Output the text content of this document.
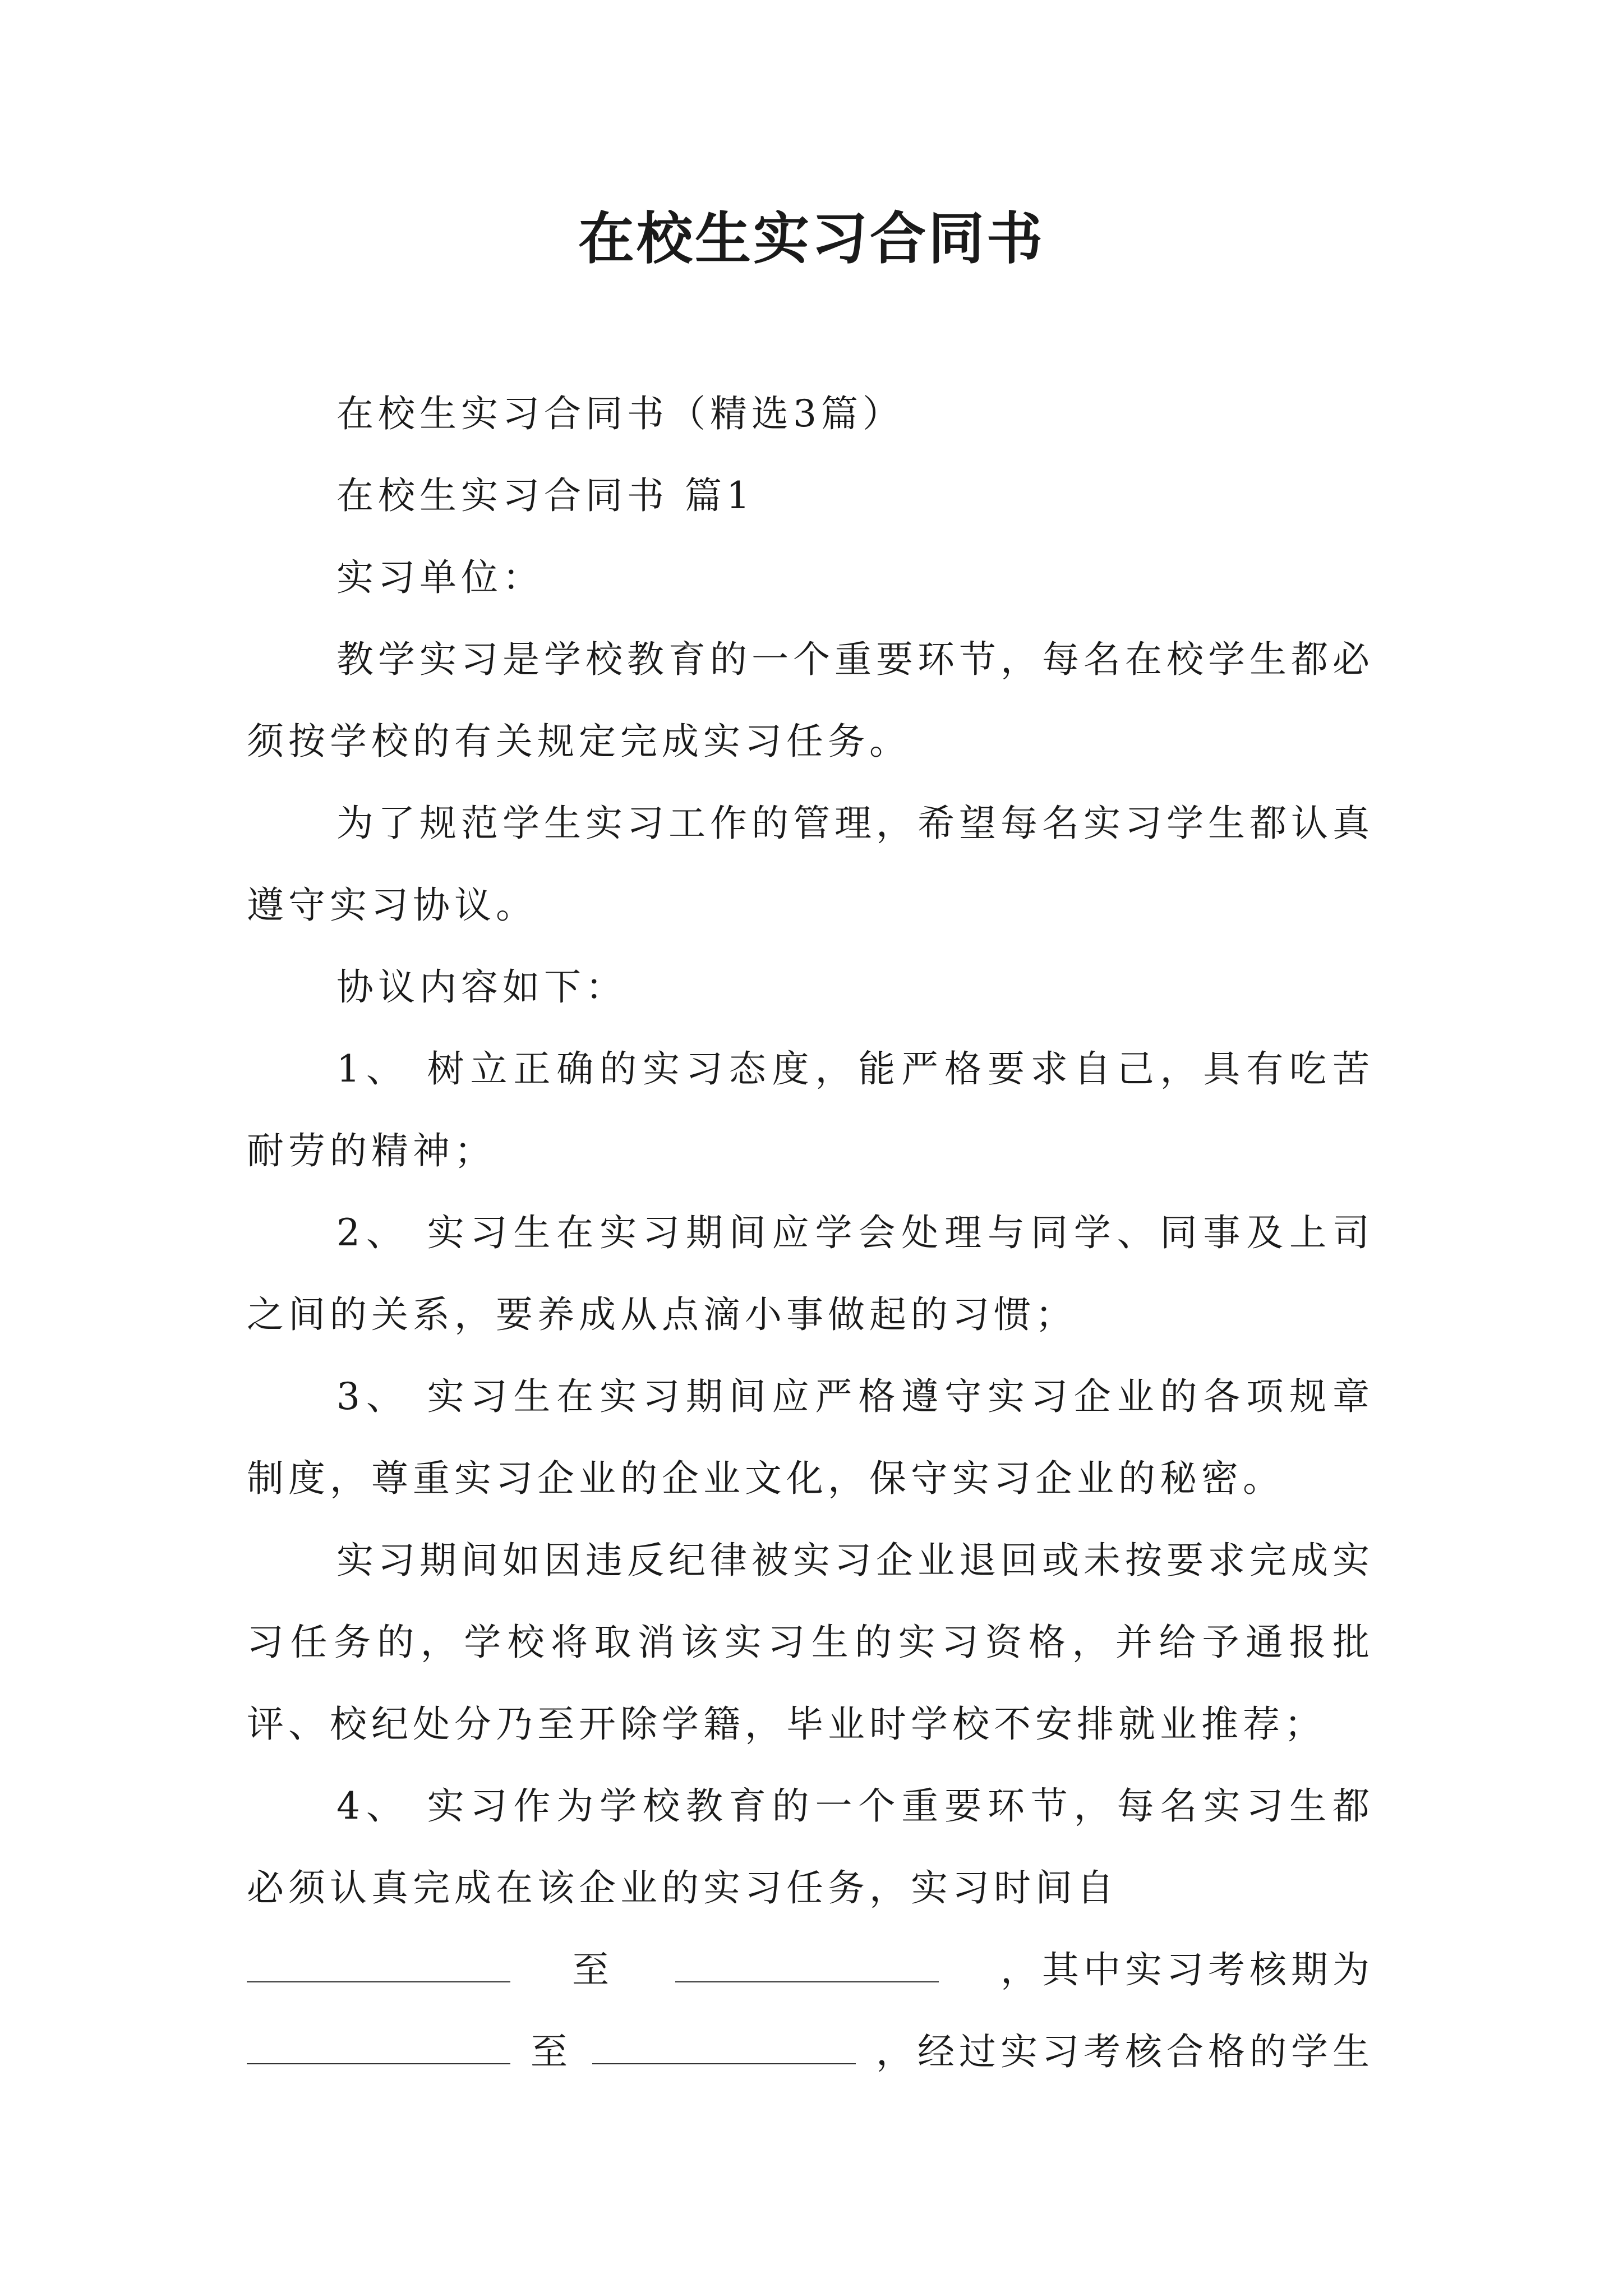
在校生实习合同书

在校生实习合同书（精选3篇）

在校生实习合同书 篇1

实习单位：

教学实习是学校教育的一个重要环节，每名在校学生都必须按学校的有关规定完成实习任务。

为了规范学生实习工作的管理，希望每名实习学生都认真遵守实习协议。

协议内容如下：

1、 树立正确的实习态度，能严格要求自己，具有吃苦耐劳的精神；

2、 实习生在实习期间应学会处理与同学、同事及上司之间的关系，要养成从点滴小事做起的习惯；

3、 实习生在实习期间应严格遵守实习企业的各项规章制度，尊重实习企业的企业文化，保守实习企业的秘密。

实习期间如因违反纪律被实习企业退回或未按要求完成实习任务的，学校将取消该实习生的实习资格，并给予通报批评、校纪处分乃至开除学籍，毕业时学校不安排就业推荐；

4、 实习作为学校教育的一个重要环节，每名实习生都必须认真完成在该企业的实习任务，实习时间自

至	，其中实习考核期为
至	，经过实习考核合格的学生
